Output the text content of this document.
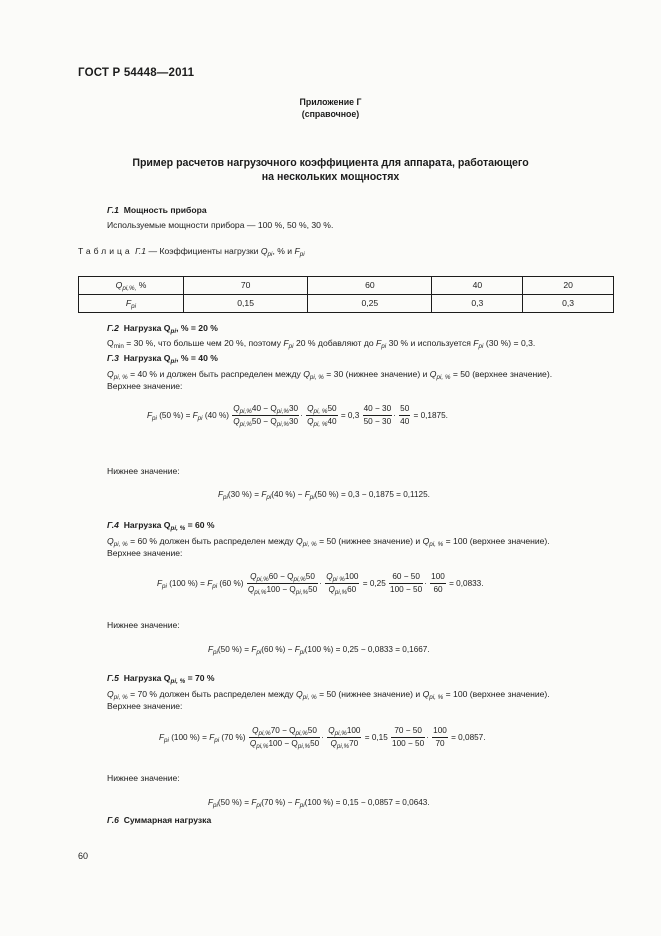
ГОСТ Р 54448—2011
Приложение Г
(справочное)
Пример расчетов нагрузочного коэффициента для аппарата, работающего
на нескольких мощностях
Г.1 Мощность прибора
Используемые мощности прибора — 100 %, 50 %, 30 %.
Таблица Г.1 — Коэффициенты нагрузки $Q_{pi}$, % и $F_{pi}$
$Q_{pi,\%,}$ %	70	60	40	20
$F_{pi}$	0,15	0,25	0,3	0,3
Г.2 Нагрузка $Q_{pi}$, % = 20 %
$Q_{min} = 30$ %, что больше чем 20 %, поэтому $F_{pi}$ 20 % добавляют до $F_{pi}$ 30 % и используется $F_{pi}$ (30 %) = 0,3.
Г.3 Нагрузка $Q_{pi}$, % = 40 %
$Q_{pi, \%} = 40$ % и должен быть распределен между $Q_{pi, \%} = 30$ (нижнее значение) и $Q_{pi, \%} = 50$ (верхнее значение).
Верхнее значение:
$F_{pi}$ (50 %) = $F_{pi}$ (40 %) $\frac{Q_{pi,\%}40 - Q_{pi,\%}30}{Q_{pi,\%}50 - Q_{pi,\%}30} \cdot \frac{Q_{pi, \%}50}{Q_{pi, \%}40} = 0,3 \frac{40 - 30}{50 - 30} \cdot \frac{50}{40} = 0,1875$.
Нижнее значение:
$F_{pi}(30$ %) = $F_{pi}(40$ %) − $F_{pi}(50$ %) = 0,3 − 0,1875 = 0,1125.
Г.4 Нагрузка $Q_{pi, \%} = 60$ %
$Q_{pi, \%} = 60$ % должен быть распределен между $Q_{pi, \%} = 50$ (нижнее значение) и $Q_{pi, \%} = 100$ (верхнее значение).
Верхнее значение:
$F_{pi}$ (100 %) = $F_{pi}$ (60 %) $\frac{Q_{pi,\%}60 - Q_{pi,\%}50}{Q_{pi,\%}100 - Q_{pi,\%}50} \cdot \frac{Q_{pi \%}100}{Q_{pi,\%}60} = 0,25 \frac{60 - 50}{100 - 50} \cdot \frac{100}{60} = 0,0833$.
Нижнее значение:
$F_{pi}(50$ %) = $F_{pi}(60$ %) − $F_{pi}(100$ %) = 0,25 − 0,0833 = 0,1667.
Г.5 Нагрузка $Q_{pi, \%} = 70$ %
$Q_{pi, \%} = 70$ % должен быть распределен между $Q_{pi, \%} = 50$ (нижнее значение) и $Q_{pi, \%} = 100$ (верхнее значение).
Верхнее значение:
$F_{pi}$ (100 %) = $F_{pi}$ (70 %) $\frac{Q_{pi,\%}70 - Q_{pi,\%}50}{Q_{pi,\%}100 - Q_{pi,\%}50} \cdot \frac{Q_{pi,\%}100}{Q_{pi,\%}70} = 0,15 \frac{70 - 50}{100 - 50} \cdot \frac{100}{70} = 0,0857$.
Нижнее значение:
$F_{pi}(50$ %) = $F_{pi}(70$ %) − $F_{pi}(100$ %) = 0,15 − 0,0857 = 0,0643.
Г.6 Суммарная нагрузка
60
